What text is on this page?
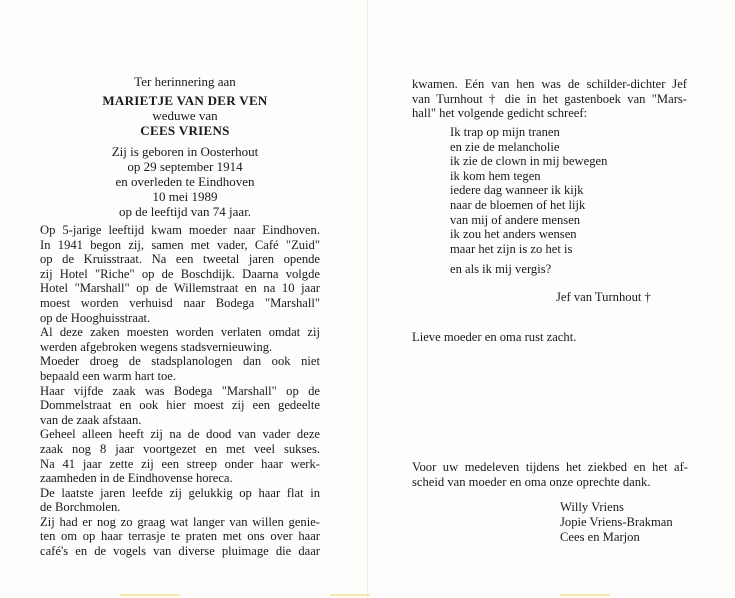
Ter herinnering aan
MARIETJE VAN DER VEN
weduwe van
CEES VRIENS
Zij is geboren in Oosterhout
op 29 september 1914
en overleden te Eindhoven
10 mei 1989
op de leeftijd van 74 jaar.
Op 5-jarige leeftijd kwam moeder naar Eindhoven.
In 1941 begon zij, samen met vader, Café "Zuid"
op de Kruisstraat. Na een tweetal jaren opende
zij Hotel "Riche" op de Boschdijk. Daarna volgde
Hotel "Marshall" op de Willemstraat en na 10 jaar
moest worden verhuisd naar Bodega "Marshall"
op de Hooghuisstraat.
Al deze zaken moesten worden verlaten omdat zij
werden afgebroken wegens stadsvernieuwing.
Moeder droeg de stadsplanologen dan ook niet
bepaald een warm hart toe.
Haar vijfde zaak was Bodega "Marshall" op de
Dommelstraat en ook hier moest zij een gedeelte
van de zaak afstaan.
Geheel alleen heeft zij na de dood van vader deze
zaak nog 8 jaar voortgezet en met veel sukses.
Na 41 jaar zette zij een streep onder haar werk-
zaamheden in de Eindhovense horeca.
De laatste jaren leefde zij gelukkig op haar flat in
de Borchmolen.
Zij had er nog zo graag wat langer van willen genie-
ten om op haar terrasje te praten met ons over haar
café's en de vogels van diverse pluimage die daar
kwamen. Eén van hen was de schilder-dichter Jef
van Turnhout † die in het gastenboek van "Mars-
hall" het volgende gedicht schreef:
Ik trap op mijn tranen
en zie de melancholie
ik zie de clown in mij bewegen
ik kom hem tegen
iedere dag wanneer ik kijk
naar de bloemen of het lijk
van mij of andere mensen
ik zou het anders wensen
maar het zijn is zo het is
en als ik mij vergis?
Jef van Turnhout †
Lieve moeder en oma rust zacht.
Voor uw medeleven tijdens het ziekbed en het af-
scheid van moeder en oma onze oprechte dank.
Willy Vriens
Jopie Vriens-Brakman
Cees en Marjon
